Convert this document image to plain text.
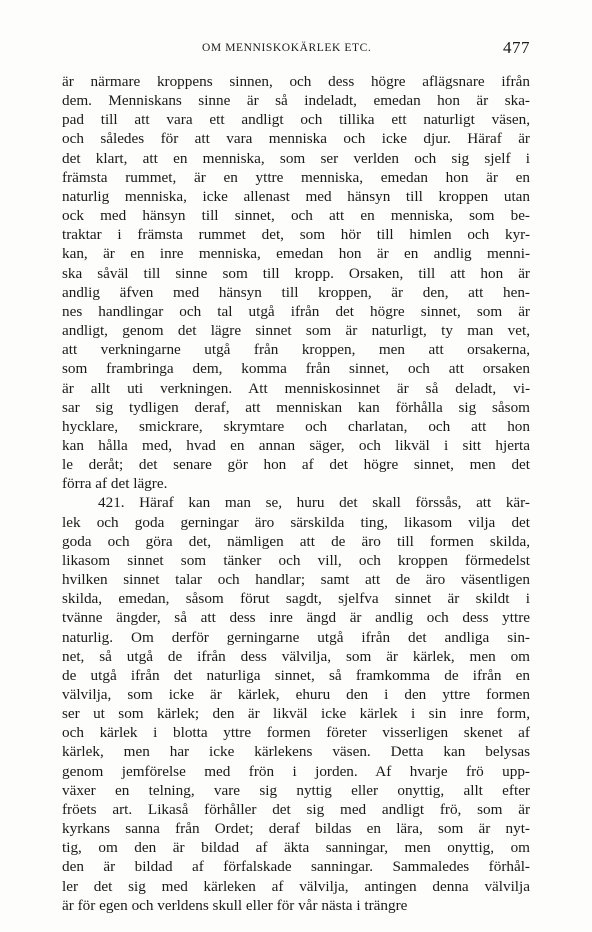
OM MENNISKOKÄRLEK ETC.	477
är närmare kroppens sinnen, och dess högre aflägsnare ifrån
dem. Menniskans sinne är så indeladt, emedan hon är ska-
pad till att vara ett andligt och tillika ett naturligt väsen,
och således för att vara menniska och icke djur. Häraf är
det klart, att en menniska, som ser verlden och sig sjelf i
främsta rummet, är en yttre menniska, emedan hon är en
naturlig menniska, icke allenast med hänsyn till kroppen utan
ock med hänsyn till sinnet, och att en menniska, som be-
traktar i främsta rummet det, som hör till himlen och kyr-
kan, är en inre menniska, emedan hon är en andlig menni-
ska såväl till sinne som till kropp. Orsaken, till att hon är
andlig äfven med hänsyn till kroppen, är den, att hen-
nes handlingar och tal utgå ifrån det högre sinnet, som är
andligt, genom det lägre sinnet som är naturligt, ty man vet,
att verkningarne utgå från kroppen, men att orsakerna,
som frambringa dem, komma från sinnet, och att orsaken
är allt uti verkningen. Att menniskosinnet är så deladt, vi-
sar sig tydligen deraf, att menniskan kan förhålla sig såsom
hycklare, smickrare, skrymtare och charlatan, och att hon
kan hålla med, hvad en annan säger, och likväl i sitt hjerta
le deråt; det senare gör hon af det högre sinnet, men det
förra af det lägre.
421. Häraf kan man se, huru det skall förssås, att kär-
lek och goda gerningar äro särskilda ting, likasom vilja det
goda och göra det, nämligen att de äro till formen skilda,
likasom sinnet som tänker och vill, och kroppen förmedelst
hvilken sinnet talar och handlar; samt att de äro väsentligen
skilda, emedan, såsom förut sagdt, sjelfva sinnet är skildt i
tvänne ängder, så att dess inre ängd är andlig och dess yttre
naturlig. Om derför gerningarne utgå ifrån det andliga sin-
net, så utgå de ifrån dess välvilja, som är kärlek, men om
de utgå ifrån det naturliga sinnet, så framkomma de ifrån en
välvilja, som icke är kärlek, ehuru den i den yttre formen
ser ut som kärlek; den är likväl icke kärlek i sin inre form,
och kärlek i blotta yttre formen företer visserligen skenet af
kärlek, men har icke kärlekens väsen. Detta kan belysas
genom jemförelse med frön i jorden. Af hvarje frö upp-
växer en telning, vare sig nyttig eller onyttig, allt efter
fröets art. Likaså förhåller det sig med andligt frö, som är
kyrkans sanna från Ordet; deraf bildas en lära, som är nyt-
tig, om den är bildad af äkta sanningar, men onyttig, om
den är bildad af förfalskade sanningar. Sammaledes förhål-
ler det sig med kärleken af välvilja, antingen denna välvilja
är för egen och verldens skull eller för vår nästa i trängre
